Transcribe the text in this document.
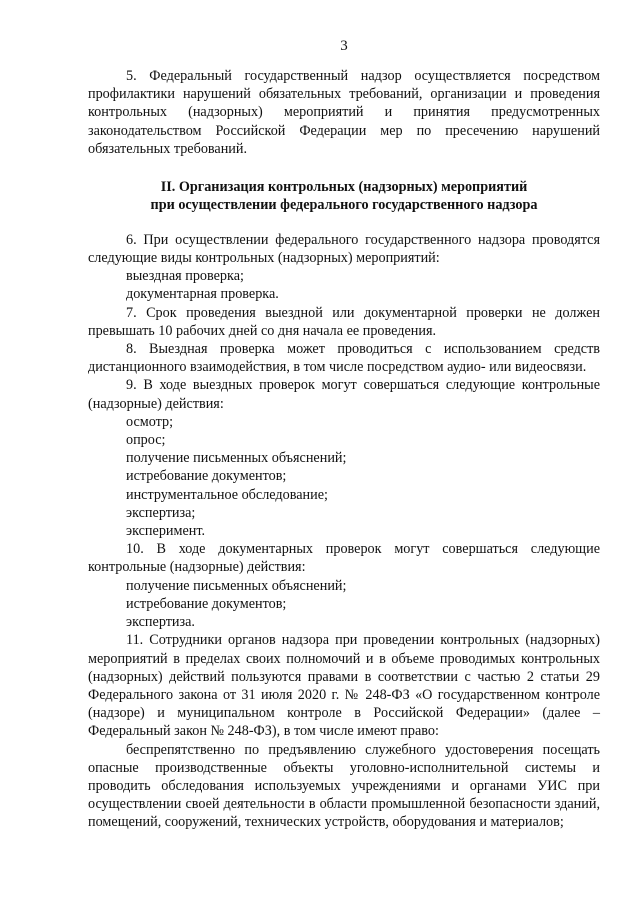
3

5. Федеральный государственный надзор осуществляется посредством профилактики нарушений обязательных требований, организации и проведения контрольных (надзорных) мероприятий и принятия предусмотренных законодательством Российской Федерации мер по пресечению нарушений обязательных требований.

II. Организация контрольных (надзорных) мероприятий
при осуществлении федерального государственного надзора

6. При осуществлении федерального государственного надзора проводятся следующие виды контрольных (надзорных) мероприятий:

выездная проверка;

документарная проверка.

7. Срок проведения выездной или документарной проверки не должен превышать 10 рабочих дней со дня начала ее проведения.

8. Выездная проверка может проводиться с использованием средств дистанционного взаимодействия, в том числе посредством аудио- или видеосвязи.

9. В ходе выездных проверок могут совершаться следующие контрольные (надзорные) действия:

осмотр;

опрос;

получение письменных объяснений;

истребование документов;

инструментальное обследование;

экспертиза;

эксперимент.

10. В ходе документарных проверок могут совершаться следующие контрольные (надзорные) действия:

получение письменных объяснений;

истребование документов;

экспертиза.

11. Сотрудники органов надзора при проведении контрольных (надзорных) мероприятий в пределах своих полномочий и в объеме проводимых контрольных (надзорных) действий пользуются правами в соответствии с частью 2 статьи 29 Федерального закона от 31 июля 2020 г. № 248-ФЗ «О государственном контроле (надзоре) и муниципальном контроле в Российской Федерации» (далее – Федеральный закон № 248-ФЗ), в том числе имеют право:

беспрепятственно по предъявлению служебного удостоверения посещать опасные производственные объекты уголовно-исполнительной системы и проводить обследования используемых учреждениями и органами УИС при осуществлении своей деятельности в области промышленной безопасности зданий, помещений, сооружений, технических устройств, оборудования и материалов;
